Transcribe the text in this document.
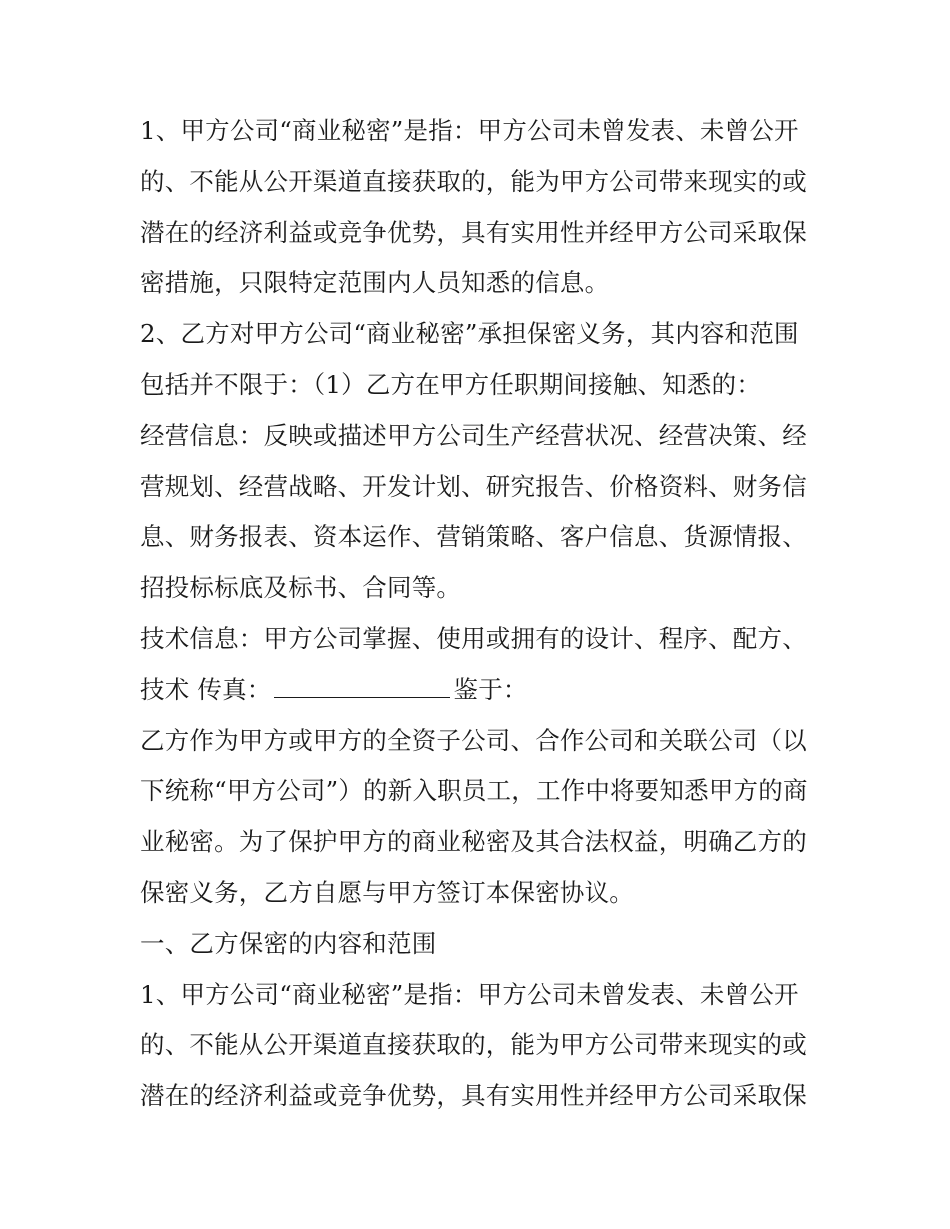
1、甲方公司“商业秘密”是指：甲方公司未曾发表、未曾公开
的、不能从公开渠道直接获取的，能为甲方公司带来现实的或
潜在的经济利益或竞争优势，具有实用性并经甲方公司采取保
密措施，只限特定范围内人员知悉的信息。
2、乙方对甲方公司“商业秘密”承担保密义务，其内容和范围
包括并不限于：（1）乙方在甲方任职期间接触、知悉的：
经营信息：反映或描述甲方公司生产经营状况、经营决策、经
营规划、经营战略、开发计划、研究报告、价格资料、财务信
息、财务报表、资本运作、营销策略、客户信息、货源情报、
招投标标底及标书、合同等。
技术信息：甲方公司掌握、使用或拥有的设计、程序、配方、
技术 传真：	鉴于：
乙方作为甲方或甲方的全资子公司、合作公司和关联公司（以
下统称“甲方公司”）的新入职员工，工作中将要知悉甲方的商
业秘密。为了保护甲方的商业秘密及其合法权益，明确乙方的
保密义务，乙方自愿与甲方签订本保密协议。
一、乙方保密的内容和范围
1、甲方公司“商业秘密”是指：甲方公司未曾发表、未曾公开
的、不能从公开渠道直接获取的，能为甲方公司带来现实的或
潜在的经济利益或竞争优势，具有实用性并经甲方公司采取保
